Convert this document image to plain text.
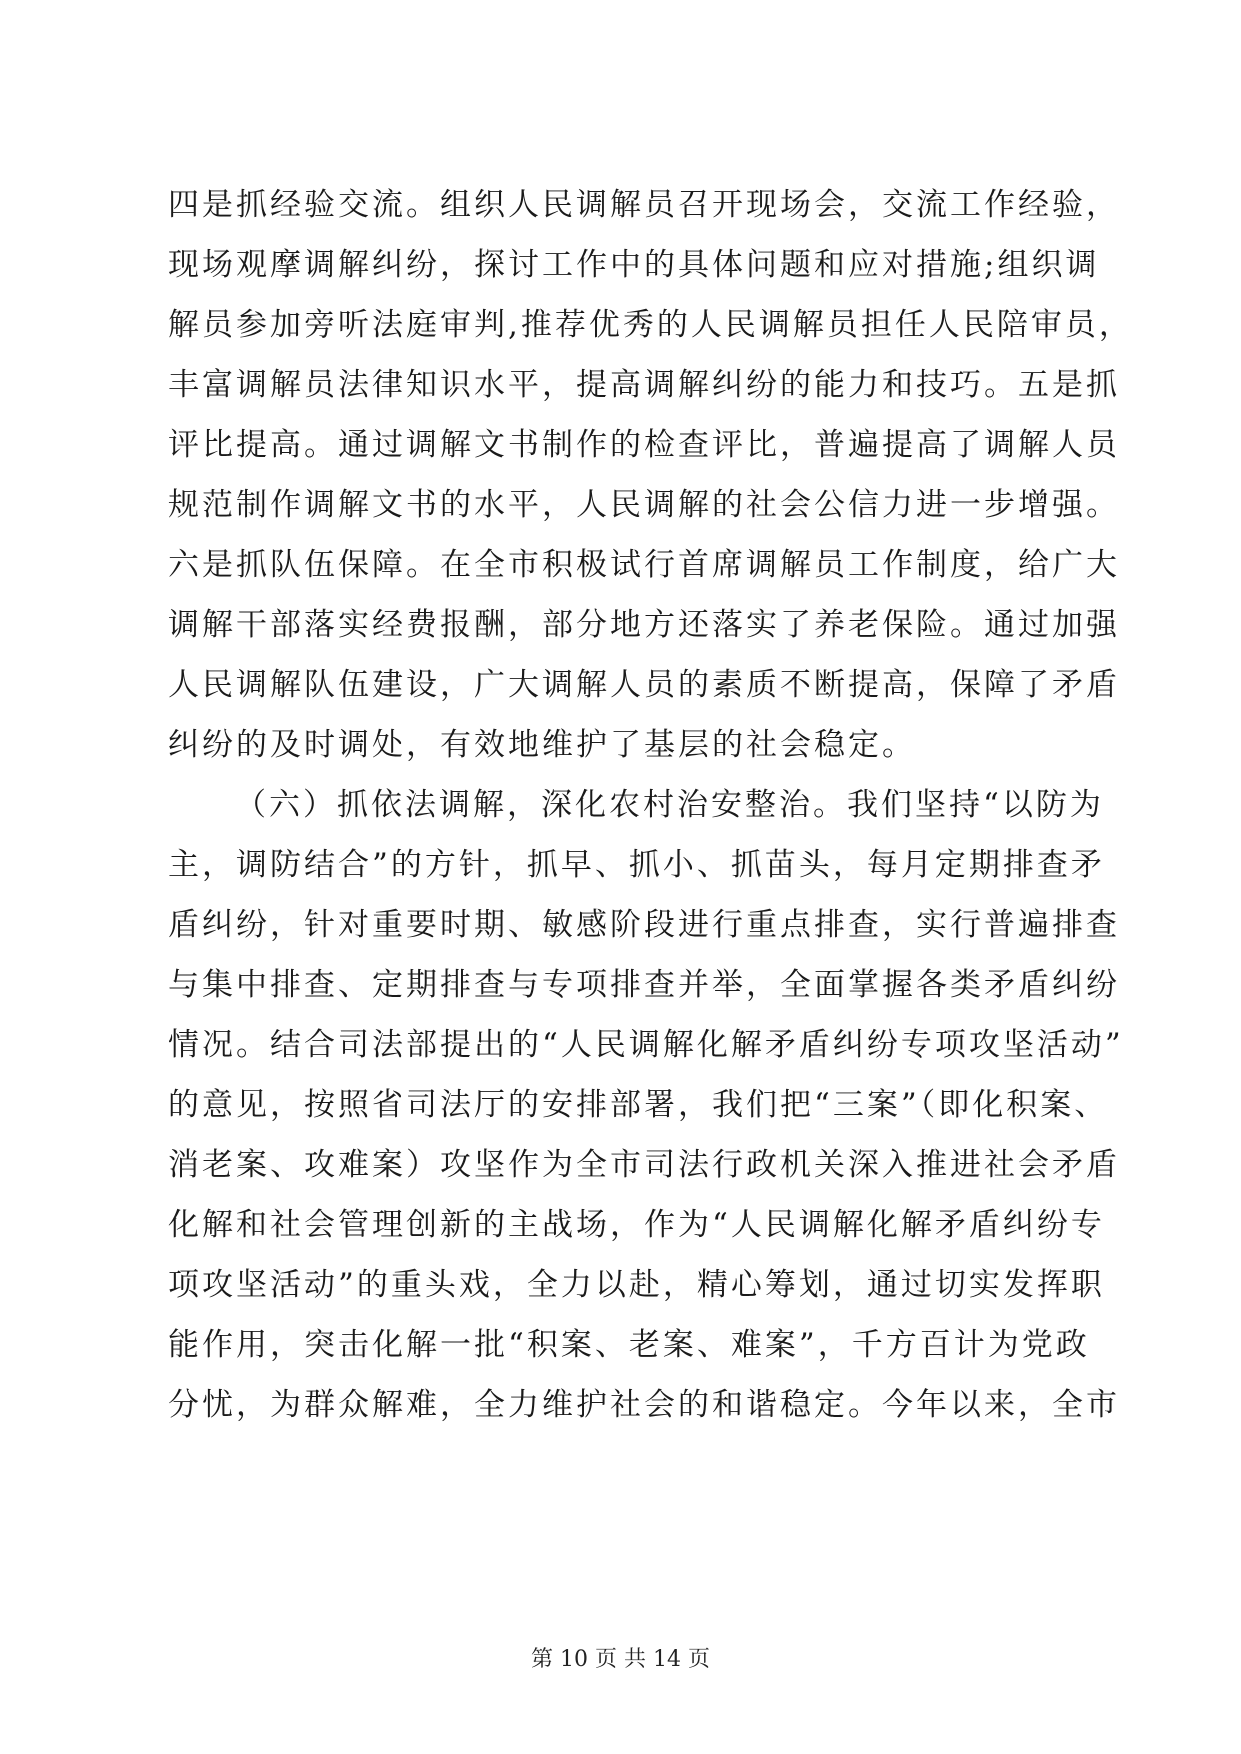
四是抓经验交流。组织人民调解员召开现场会，交流工作经验，
现场观摩调解纠纷，探讨工作中的具体问题和应对措施;组织调
解员参加旁听法庭审判,推荐优秀的人民调解员担任人民陪审员，
丰富调解员法律知识水平，提高调解纠纷的能力和技巧。五是抓
评比提高。通过调解文书制作的检查评比，普遍提高了调解人员
规范制作调解文书的水平，人民调解的社会公信力进一步增强。
六是抓队伍保障。在全市积极试行首席调解员工作制度，给广大
调解干部落实经费报酬，部分地方还落实了养老保险。通过加强
人民调解队伍建设，广大调解人员的素质不断提高，保障了矛盾
纠纷的及时调处，有效地维护了基层的社会稳定。
（六）抓依法调解，深化农村治安整治。我们坚持“以防为
主，调防结合”的方针，抓早、抓小、抓苗头，每月定期排查矛
盾纠纷，针对重要时期、敏感阶段进行重点排查，实行普遍排查
与集中排查、定期排查与专项排查并举，全面掌握各类矛盾纠纷
情况。结合司法部提出的“人民调解化解矛盾纠纷专项攻坚活动”
的意见，按照省司法厅的安排部署，我们把“三案”（即化积案、
消老案、攻难案）攻坚作为全市司法行政机关深入推进社会矛盾
化解和社会管理创新的主战场，作为“人民调解化解矛盾纠纷专
项攻坚活动”的重头戏，全力以赴，精心筹划，通过切实发挥职
能作用，突击化解一批“积案、老案、难案”，千方百计为党政
分忧，为群众解难，全力维护社会的和谐稳定。今年以来，全市
第 10 页 共 14 页
